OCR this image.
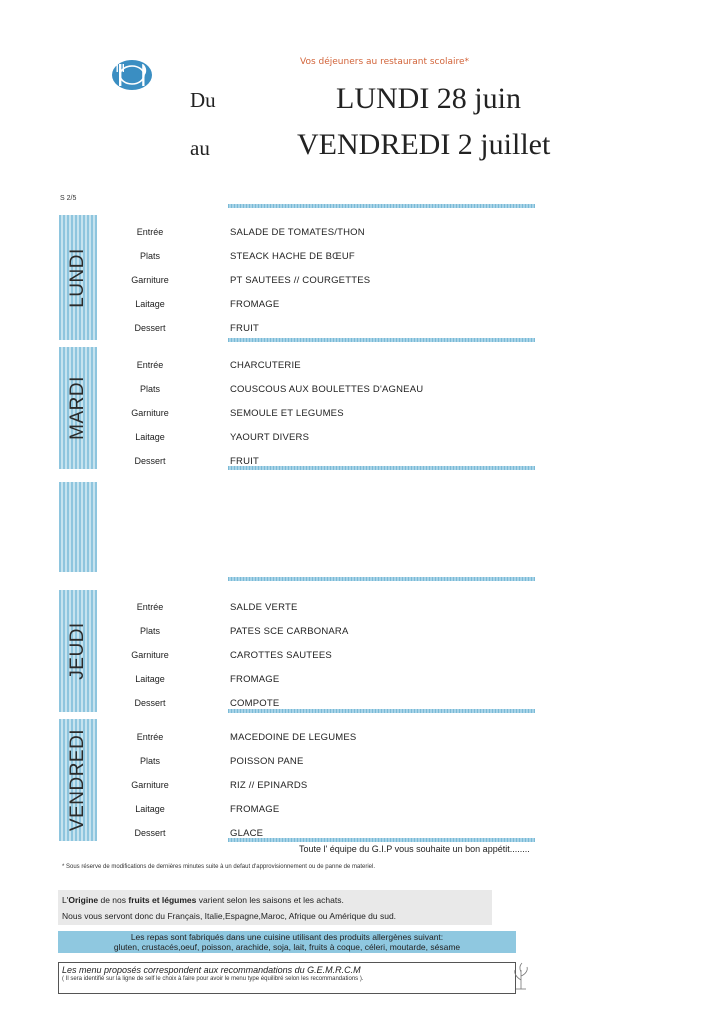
Vos déjeuners au restaurant scolaire*
Du	LUNDI 28 juin
au	VENDREDI 2 juillet
S 2/5
LUNDI
MARDI
JEUDI
VENDREDI
Entrée	SALADE DE TOMATES/THON
Plats	STEACK HACHE DE BŒUF
Garniture	PT SAUTEES // COURGETTES
Laitage	FROMAGE
Dessert	FRUIT
Entrée	CHARCUTERIE
Plats	COUSCOUS AUX BOULETTES D'AGNEAU
Garniture	SEMOULE ET LEGUMES
Laitage	YAOURT DIVERS
Dessert	FRUIT
Entrée	SALDE VERTE
Plats	PATES SCE CARBONARA
Garniture	CAROTTES SAUTEES
Laitage	FROMAGE
Dessert	COMPOTE
Entrée	MACEDOINE DE LEGUMES
Plats	POISSON PANE
Garniture	RIZ // EPINARDS
Laitage	FROMAGE
Dessert	GLACE
Toute l' équipe du G.I.P vous souhaite un bon appétit........
* Sous réserve de modifications de dernières minutes suite à un defaut d'approvisionnement ou de panne de materiel.
L'Origine de nos fruits et légumes varient selon les saisons et les achats.
Nous vous servont donc du Français, Italie,Espagne,Maroc, Afrique ou Amérique du sud.
Les repas sont fabriqués dans une cuisine utilisant des produits allergènes suivant:
gluten, crustacés,oeuf, poisson, arachide, soja, lait, fruits à coque, céleri, moutarde, sésame
Les menu proposés correspondent aux recommandations du G.E.M.R.C.M
( Il sera identifié sur la ligne de self le choix à faire pour avoir le menu type équilibré selon les recommandations ).
